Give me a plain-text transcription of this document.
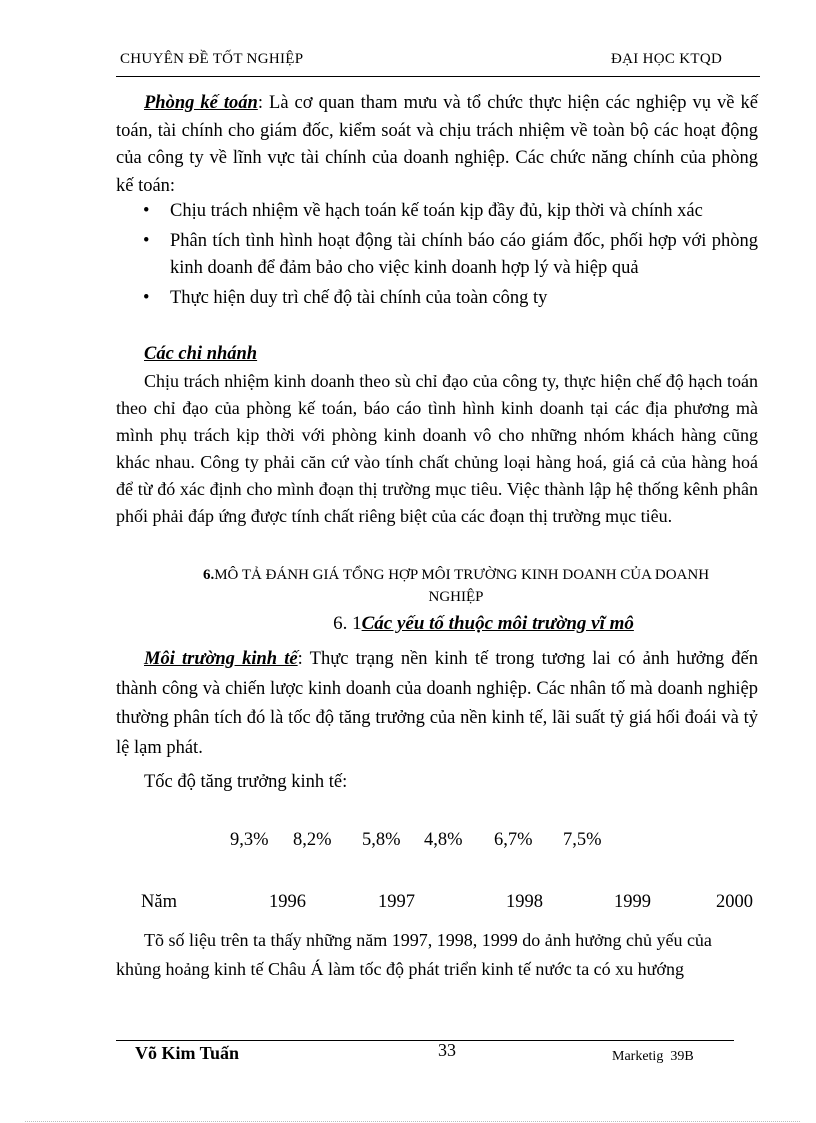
CHUYÊN ĐỀ TỐT NGHIỆP	ĐẠI HỌC KTQD
Phòng kế toán: Là cơ quan tham mưu và tổ chức thực hiện các nghiệp vụ về kế toán, tài chính cho giám đốc, kiểm soát và chịu trách nhiệm về toàn bộ các hoạt động của công ty về lĩnh vực tài chính của doanh nghiệp. Các chức năng chính của phòng kế toán:
• Chịu trách nhiệm về hạch toán kế toán kịp đầy đủ, kịp thời và chính xác
• Phân tích tình hình hoạt động tài chính báo cáo giám đốc, phối hợp với phòng kinh doanh để đảm bảo cho việc kinh doanh hợp lý và hiệp quả
• Thực hiện duy trì chế độ tài chính của toàn công ty
Các chi nhánh
Chịu trách nhiệm kinh doanh theo sù chỉ đạo của công ty, thực hiện chế độ hạch toán theo chỉ đạo của phòng kế toán, báo cáo tình hình kinh doanh tại các địa phương mà mình phụ trách kịp thời với phòng kinh doanh vô cho những nhóm khách hàng cũng khác nhau. Công ty phải căn cứ vào tính chất chủng loại hàng hoá, giá cả của hàng hoá để từ đó xác định cho mình đoạn thị trường mục tiêu. Việc thành lập hệ thống kênh phân phối phải đáp ứng được tính chất riêng biệt của các đoạn thị trường mục tiêu.
6.MÔ TẢ ĐÁNH GIÁ TỔNG HỢP MÔI TRƯỜNG KINH DOANH CỦA DOANH
NGHIỆP
6. 1Các yếu tố thuộc môi trường vĩ mô
Môi trường kinh tế: Thực trạng nền kinh tế trong tương lai có ảnh hưởng đến thành công và chiến lược kinh doanh của doanh nghiệp. Các nhân tố mà doanh nghiệp thường phân tích đó là tốc độ tăng trưởng của nền kinh tế, lãi suất tỷ giá hối đoái và tỷ lệ lạm phát.
Tốc độ tăng trưởng kinh tế:
9,3% 8,2% 5,8% 4,8% 6,7% 7,5%
Năm	1996	1997	1998	1999	2000
Tõ số liệu trên ta thấy những năm 1997, 1998, 1999 do ảnh hưởng chủ yếu của khủng hoảng kinh tế Châu Á làm tốc độ phát triển kinh tế nước ta có xu hướng
Võ Kim Tuấn	33	Marketig  39B
